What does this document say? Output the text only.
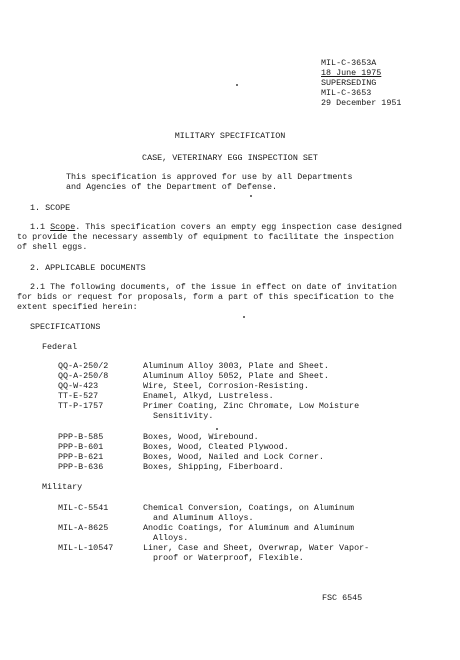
MIL-C-3653A
18 June 1975
SUPERSEDING
MIL-C-3653
29 December 1951
MILITARY SPECIFICATION
CASE, VETERINARY EGG INSPECTION SET
This specification is approved for use by all Departments
and Agencies of the Department of Defense.
1. SCOPE
1.1 Scope. This specification covers an empty egg inspection case designed
to provide the necessary assembly of equipment to facilitate the inspection
of shell eggs.
2. APPLICABLE DOCUMENTS
2.1 The following documents, of the issue in effect on date of invitation
for bids or request for proposals, form a part of this specification to the
extent specified herein:
SPECIFICATIONS
Federal
QQ-A-250/2	Aluminum Alloy 3003, Plate and Sheet.
QQ-A-250/8	Aluminum Alloy 5052, Plate and Sheet.
QQ-W-423	Wire, Steel, Corrosion-Resisting.
TT-E-527	Enamel, Alkyd, Lustreless.
TT-P-1757	Primer Coating, Zinc Chromate, Low Moisture
Sensitivity.
PPP-B-585	Boxes, Wood, Wirebound.
PPP-B-601	Boxes, Wood, Cleated Plywood.
PPP-B-621	Boxes, Wood, Nailed and Lock Corner.
PPP-B-636	Boxes, Shipping, Fiberboard.
Military
MIL-C-5541	Chemical Conversion, Coatings, on Aluminum
and Aluminum Alloys.
MIL-A-8625	Anodic Coatings, for Aluminum and Aluminum
Alloys.
MIL-L-10547	Liner, Case and Sheet, Overwrap, Water Vapor-
proof or Waterproof, Flexible.
FSC 6545
